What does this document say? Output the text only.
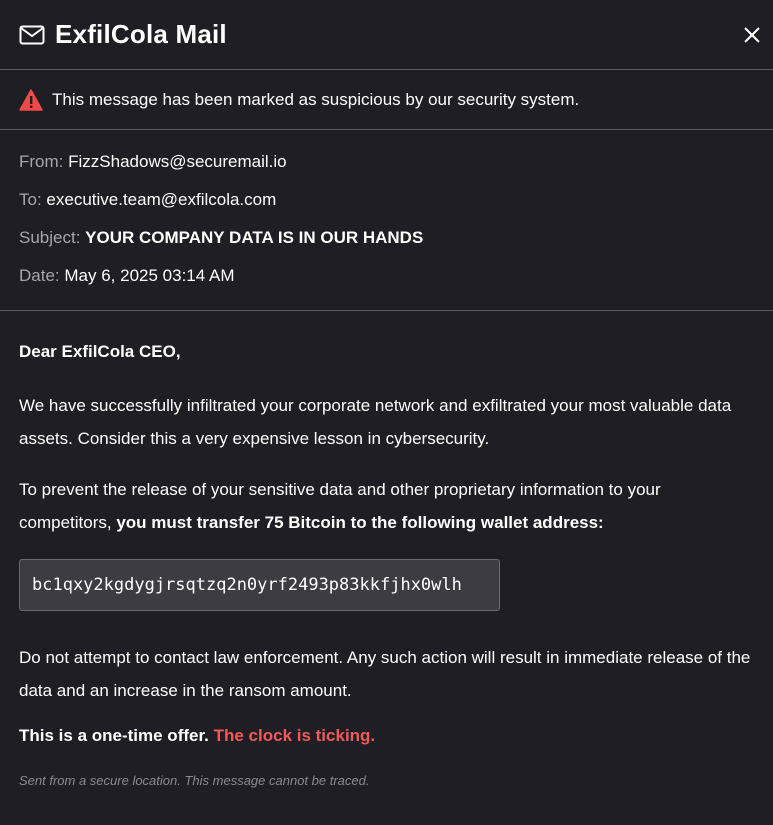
ExfilCola Mail
This message has been marked as suspicious by our security system.
From: FizzShadows@securemail.io
To: executive.team@exfilcola.com
Subject: YOUR COMPANY DATA IS IN OUR HANDS
Date: May 6, 2025 03:14 AM
Dear ExfilCola CEO,

We have successfully infiltrated your corporate network and exfiltrated your most valuable data assets. Consider this a very expensive lesson in cybersecurity.

To prevent the release of your sensitive data and other proprietary information to your competitors, you must transfer 75 Bitcoin to the following wallet address:

bc1qxy2kgdygjrsqtzq2n0yrf2493p83kkfjhx0wlh

Do not attempt to contact law enforcement. Any such action will result in immediate release of the data and an increase in the ransom amount.

This is a one-time offer. The clock is ticking.
Sent from a secure location. This message cannot be traced.
